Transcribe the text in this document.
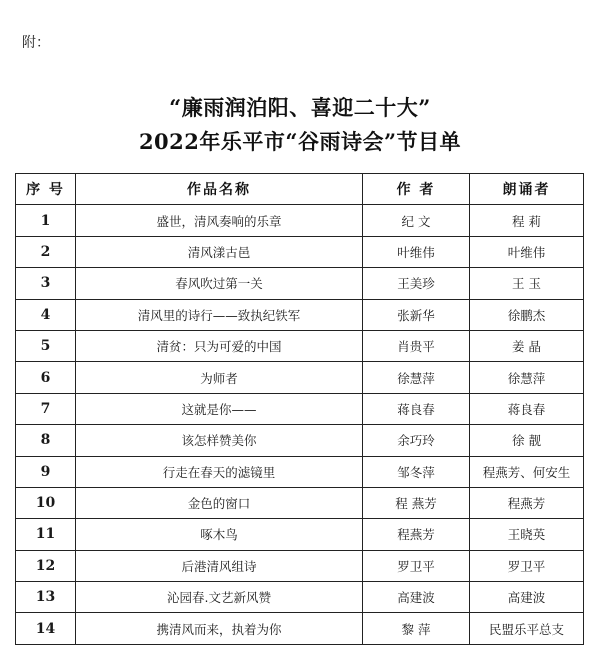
附：
“廉雨润泊阳、喜迎二十大”
2022年乐平市“谷雨诗会”节目单
序 号	作品名称	作 者	朗诵者
1	盛世，清风奏响的乐章	纪 文	程 莉
2	清风漾古邑	叶维伟	叶维伟
3	春风吹过第一关	王美珍	王 玉
4	清风里的诗行——致执纪铁军	张新华	徐鹏杰
5	清贫：只为可爱的中国	肖贵平	姜 晶
6	为师者	徐慧萍	徐慧萍
7	这就是你——	蒋良春	蒋良春
8	该怎样赞美你	余巧玲	徐 靓
9	行走在春天的滤镜里	邹冬萍	程燕芳、何安生
10	金色的窗口	程 燕芳	程燕芳
11	啄木鸟	程燕芳	王晓英
12	后港清风组诗	罗卫平	罗卫平
13	沁园春.文艺新风赞	高建波	高建波
14	携清风而来，执着为你	黎 萍	民盟乐平总支
